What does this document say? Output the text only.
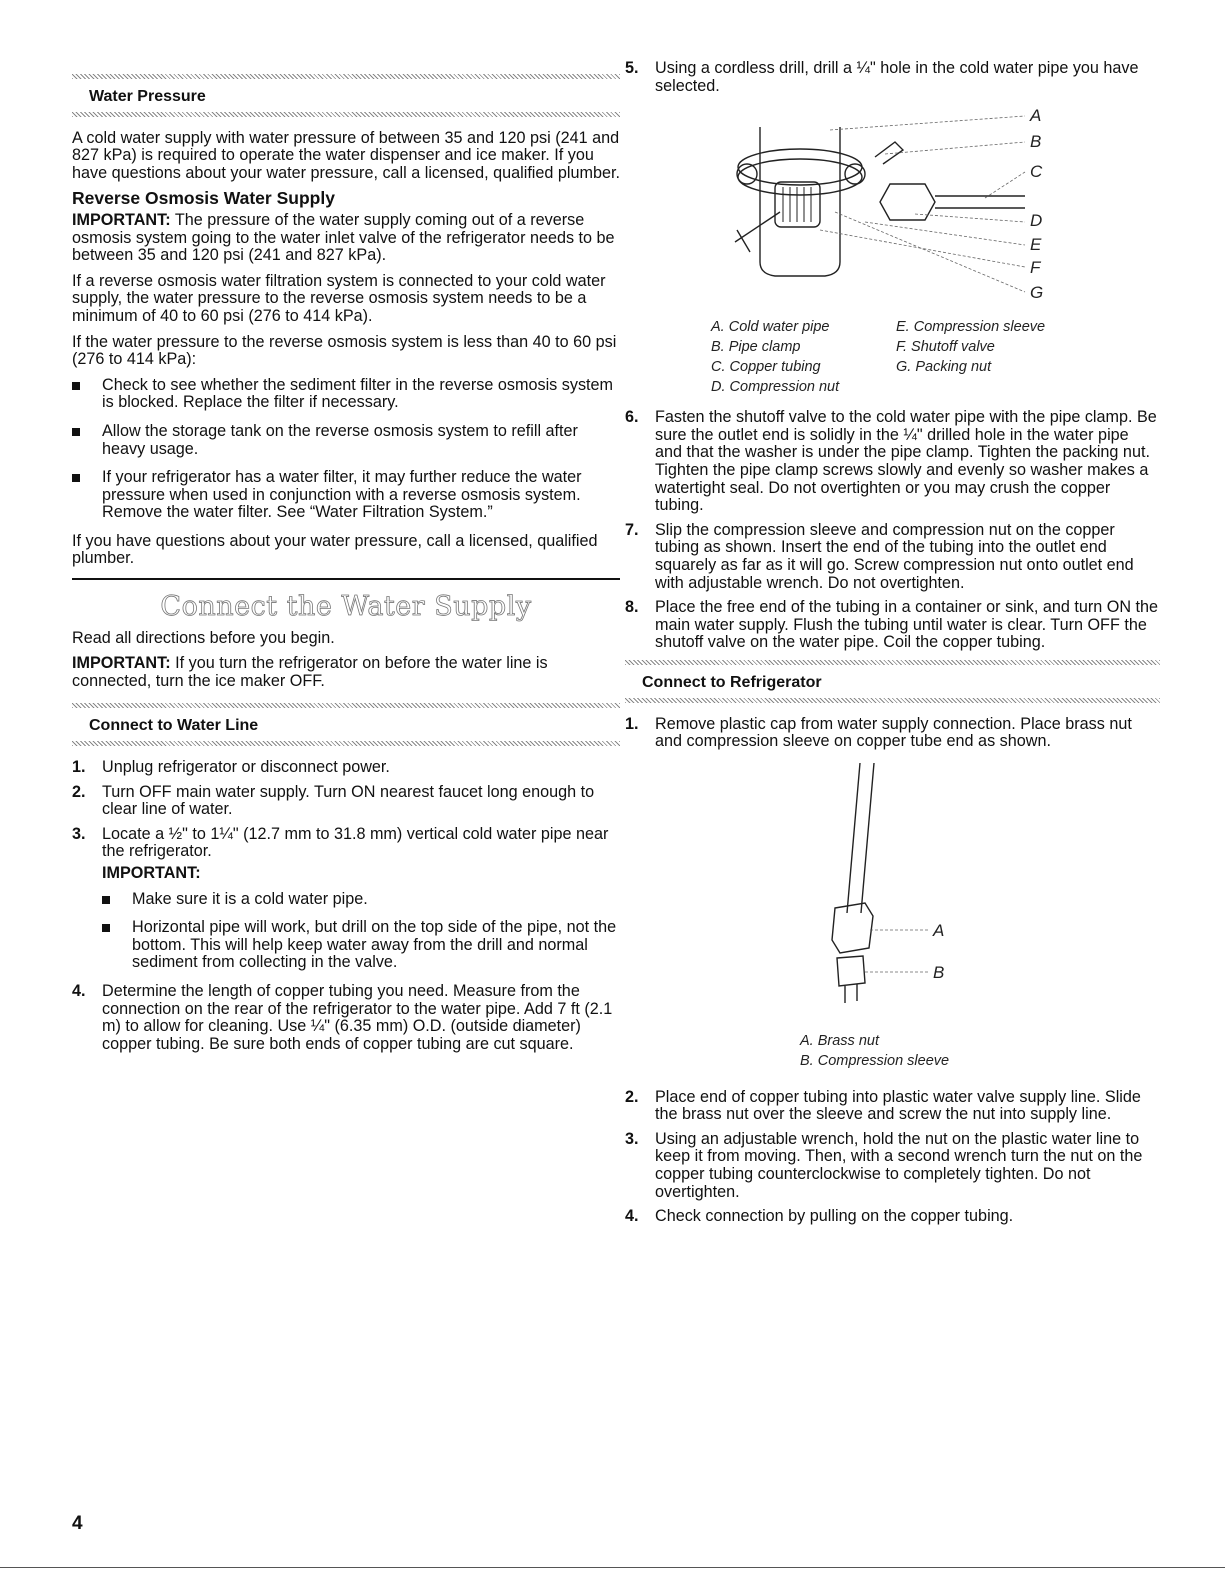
Water Pressure

A cold water supply with water pressure of between 35 and 120 psi (241 and 827 kPa) is required to operate the water dispenser and ice maker. If you have questions about your water pressure, call a licensed, qualified plumber.

Reverse Osmosis Water Supply

IMPORTANT: The pressure of the water supply coming out of a reverse osmosis system going to the water inlet valve of the refrigerator needs to be between 35 and 120 psi (241 and 827 kPa).

If a reverse osmosis water filtration system is connected to your cold water supply, the water pressure to the reverse osmosis system needs to be a minimum of 40 to 60 psi (276 to 414 kPa).

If the water pressure to the reverse osmosis system is less than 40 to 60 psi (276 to 414 kPa):

Check to see whether the sediment filter in the reverse osmosis system is blocked. Replace the filter if necessary.
Allow the storage tank on the reverse osmosis system to refill after heavy usage.
If your refrigerator has a water filter, it may further reduce the water pressure when used in conjunction with a reverse osmosis system. Remove the water filter. See “Water Filtration System.”

If you have questions about your water pressure, call a licensed, qualified plumber.

Connect the Water Supply

Read all directions before you begin.

IMPORTANT: If you turn the refrigerator on before the water line is connected, turn the ice maker OFF.

Connect to Water Line
1. Unplug refrigerator or disconnect power.
2. Turn OFF main water supply. Turn ON nearest faucet long enough to clear line of water.
3. Locate a ½" to 1¼" (12.7 mm to 31.8 mm) vertical cold water pipe near the refrigerator.
IMPORTANT:
Make sure it is a cold water pipe.
Horizontal pipe will work, but drill on the top side of the pipe, not the bottom. This will help keep water away from the drill and normal sediment from collecting in the valve.
4. Determine the length of copper tubing you need. Measure from the connection on the rear of the refrigerator to the water pipe. Add 7 ft (2.1 m) to allow for cleaning. Use ¼" (6.35 mm) O.D. (outside diameter) copper tubing. Be sure both ends of copper tubing are cut square.
5. Using a cordless drill, drill a ¼" hole in the cold water pipe you have selected.
A
B
C
D
E
F
G
A. Cold water pipe
B. Pipe clamp
C. Copper tubing
D. Compression nut
E. Compression sleeve
F. Shutoff valve
G. Packing nut
6. Fasten the shutoff valve to the cold water pipe with the pipe clamp. Be sure the outlet end is solidly in the ¼" drilled hole in the water pipe and that the washer is under the pipe clamp. Tighten the packing nut. Tighten the pipe clamp screws slowly and evenly so washer makes a watertight seal. Do not overtighten or you may crush the copper tubing.
7. Slip the compression sleeve and compression nut on the copper tubing as shown. Insert the end of the tubing into the outlet end squarely as far as it will go. Screw compression nut onto outlet end with adjustable wrench. Do not overtighten.
8. Place the free end of the tubing in a container or sink, and turn ON the main water supply. Flush the tubing until water is clear. Turn OFF the shutoff valve on the water pipe. Coil the copper tubing.
Connect to Refrigerator
1. Remove plastic cap from water supply connection. Place brass nut and compression sleeve on copper tube end as shown.
A
B
A. Brass nut
B. Compression sleeve
2. Place end of copper tubing into plastic water valve supply line. Slide the brass nut over the sleeve and screw the nut into supply line.
3. Using an adjustable wrench, hold the nut on the plastic water line to keep it from moving. Then, with a second wrench turn the nut on the copper tubing counterclockwise to completely tighten. Do not overtighten.
4. Check connection by pulling on the copper tubing.
4
